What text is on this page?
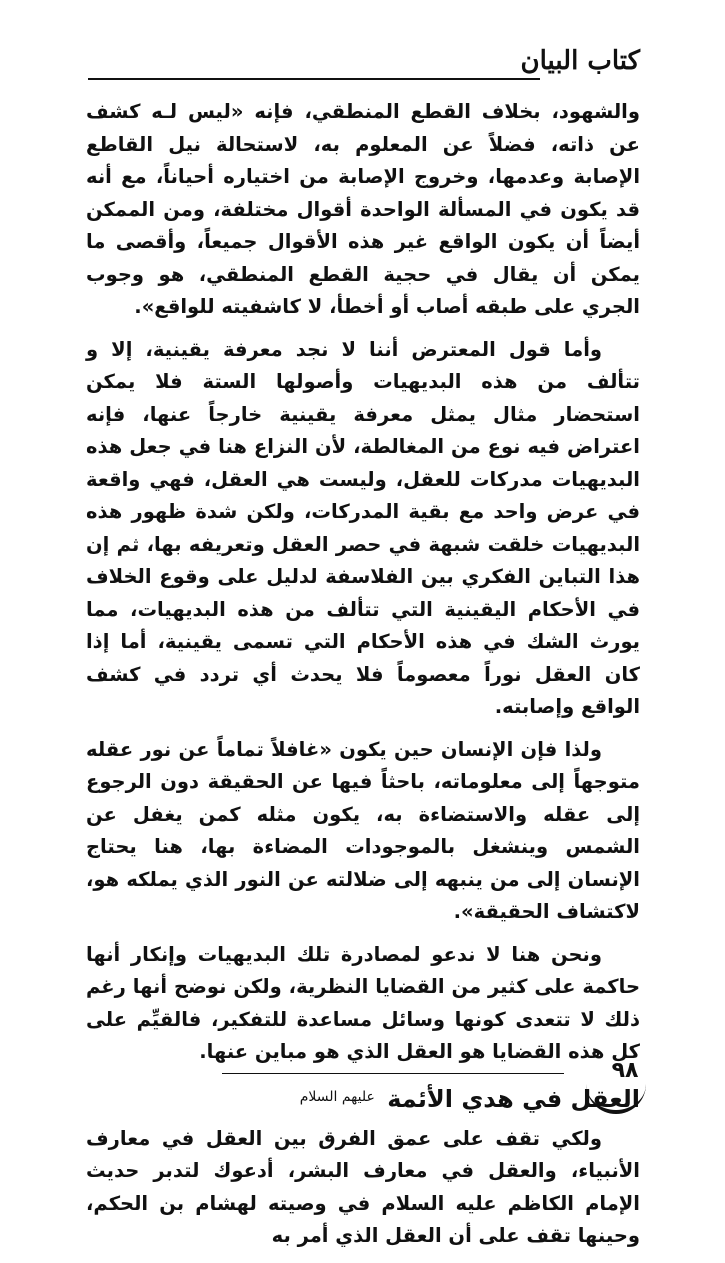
كتاب البيان

والشهود، بخلاف القطع المنطقي، فإنه «ليس لـه كشف عن ذاته، فضلاً عن المعلوم به، لاستحالة نيل القاطع الإصابة وعدمها، وخروج الإصابة من اختياره أحياناً، مع أنه قد يكون في المسألة الواحدة أقوال مختلفة، ومن الممكن أيضاً أن يكون الواقع غير هذه الأقوال جميعاً، وأقصى ما يمكن أن يقال في حجية القطع المنطقي، هو وجوب الجري على طبقه أصاب أو أخطأ، لا كاشفيته للواقع».

وأما قول المعترض أننا لا نجد معرفة يقينية، إلا و تتألف من هذه البديهيات وأصولها الستة فلا يمكن استحضار مثال يمثل معرفة يقينية خارجاً عنها، فإنه اعتراض فيه نوع من المغالطة، لأن النزاع هنا في جعل هذه البديهيات مدركات للعقل، وليست هي العقل، فهي واقعة في عرض واحد مع بقية المدركات، ولكن شدة ظهور هذه البديهيات خلقت شبهة في حصر العقل وتعريفه بها، ثم إن هذا التباين الفكري بين الفلاسفة لدليل على وقوع الخلاف في الأحكام اليقينية التي تتألف من هذه البديهيات، مما يورث الشك في هذه الأحكام التي تسمى يقينية، أما إذا كان العقل نوراً معصوماً فلا يحدث أي تردد في كشف الواقع وإصابته.

ولذا فإن الإنسان حين يكون «غافلاً تماماً عن نور عقله متوجهاً إلى معلوماته، باحثاً فيها عن الحقيقة دون الرجوع إلى عقله والاستضاءة به، يكون مثله كمن يغفل عن الشمس وينشغل بالموجودات المضاءة بها، هنا يحتاج الإنسان إلى من ينبهه إلى ضلالته عن النور الذي يملكه هو، لاكتشاف الحقيقة».

ونحن هنا لا ندعو لمصادرة تلك البديهيات وإنكار أنها حاكمة على كثير من القضايا النظرية، ولكن نوضح أنها رغم ذلك لا تتعدى كونها وسائل مساعدة للتفكير، فالقيِّم على كل هذه القضايا هو العقل الذي هو مباين عنها.

العقل في هدي الأئمة $^{عليهم السلام}$

ولكي تقف على عمق الفرق بين العقل في معارف الأنبياء، والعقل في معارف البشر، أدعوك لتدبر حديث الإمام الكاظم عليه السلام في وصيته لهشام بن الحكم، وحينها تقف على أن العقل الذي أمر به

٩٨
